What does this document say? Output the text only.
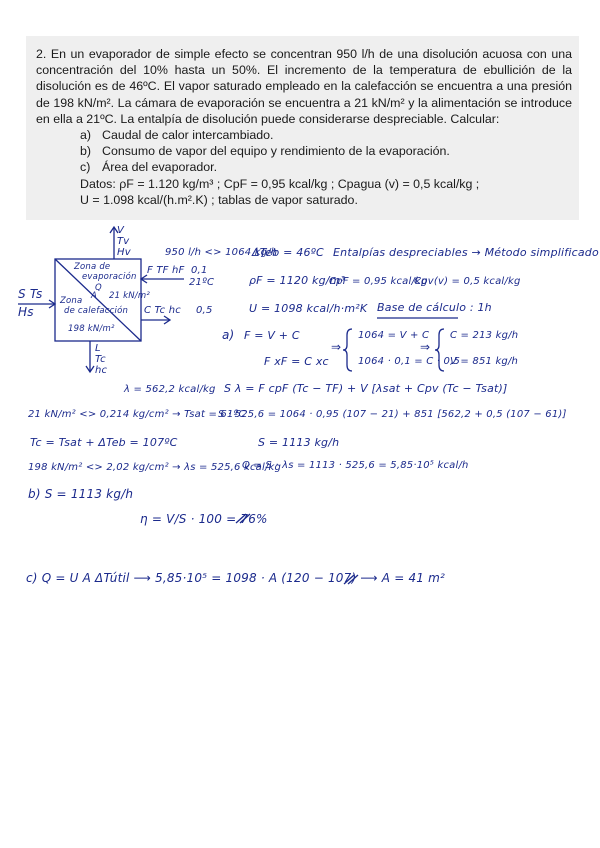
2. En un evaporador de simple efecto se concentran 950 l/h de una disolución acuosa con una concentración del 10% hasta un 50%. El incremento de la temperatura de ebullición de la disolución es de 46ºC. El vapor saturado empleado en la calefacción se encuentra a una presión de 198 kN/m². La cámara de evaporación se encuentra a 21 kN/m² y la alimentación se introduce en ella a 21ºC. La entalpía de disolución puede considerarse despreciable. Calcular:

a) Caudal de calor intercambiado.
b) Consumo de vapor del equipo y rendimiento de la evaporación.
c) Área del evaporador.
Datos: ρF = 1.120 kg/m³ ; CpF = 0,95 kcal/kg ; Cpagua (v) = 0,5 kcal/kg ;
U = 1.098 kcal/(h.m².K) ; tablas de vapor saturado.
V
Tv
Hv
Zona de
evaporación
Q
A 21 kN/m²
Zona
de calefacción
198 kN/m²
F TF hF 0,1
21ºC
C Tc hc 0,5
S Ts
Hs
L
Tc
hc
950 l/h <> 1064 kg/h
ΔTeb = 46ºC Entalpías despreciables → Método simplificado
ρF = 1120 kg/m³
CpF = 0,95 kcal/kg
Cpv(v) = 0,5 kcal/kg
U = 1098 kcal/h·m²K Base de cálculo : 1h
a) F = V + C
F xF = C xc
⇒
1064 = V + C
1064 · 0,1 = C · 0,5
⇒
C = 213 kg/h
V = 851 kg/h
λ = 562,2 kcal/kg S λ = F cpF (Tc − TF) + V [λsat + Cpv (Tc − Tsat)]
21 kN/m² <> 0,214 kg/cm² → Tsat = 61ºC
S · 525,6 = 1064 · 0,95 (107 − 21) + 851 [562,2 + 0,5 (107 − 61)]
Tc = Tsat + ΔTeb = 107ºC	S = 1113 kg/h
198 kN/m² <> 2,02 kg/cm² → λs = 525,6 kcal/kg
Q = S · λs = 1113 · 525,6 = 5,85·10⁵ kcal/h
b) S = 1113 kg/h
η = V/S · 100 = 76%
c) Q = U A ΔTútil ⟶ 5,85·10⁵ = 1098 · A (120 − 107) ⟶ A = 41 m²
